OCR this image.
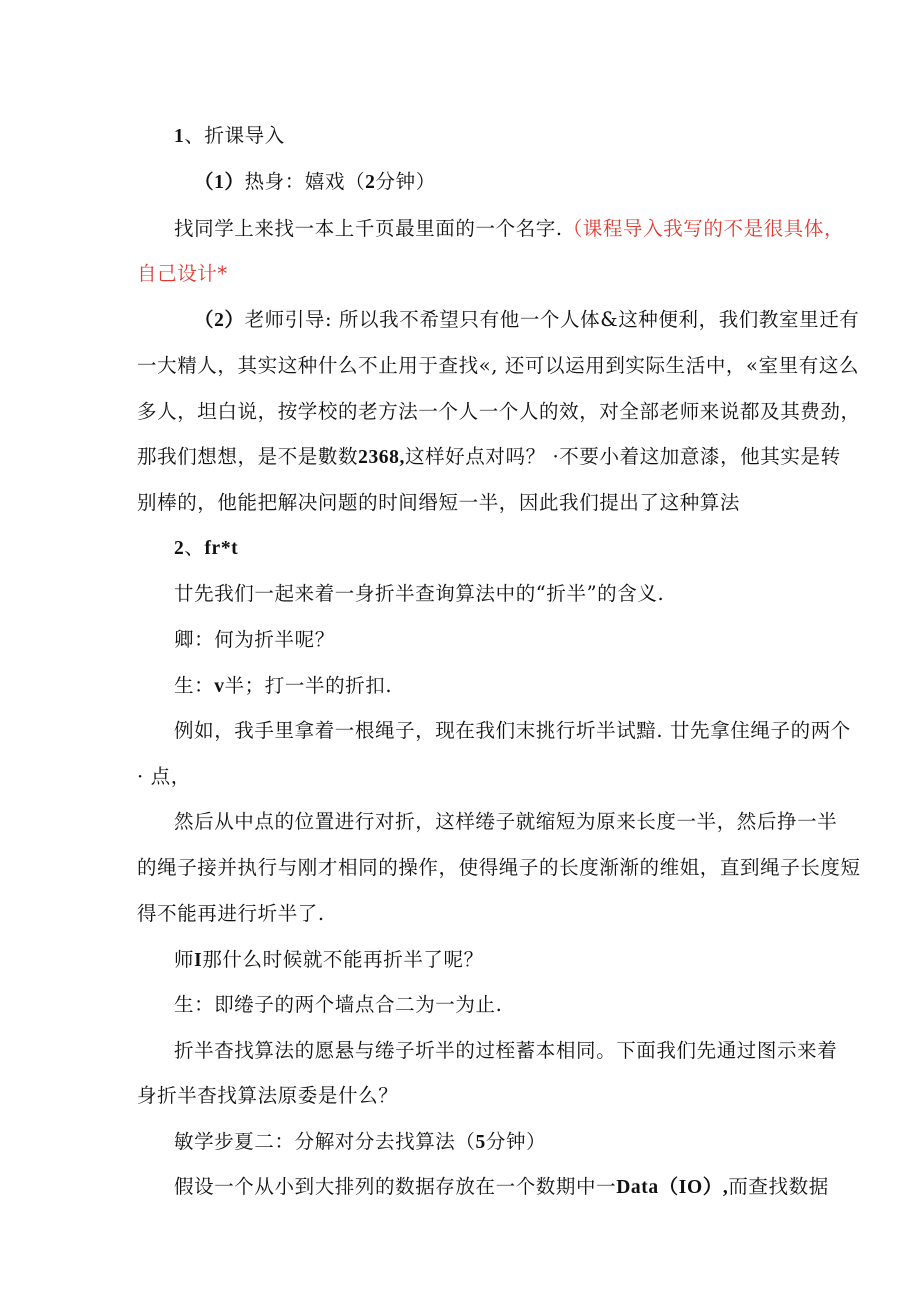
1、折课导入
（1）热身：嬉戏（2分钟）
找同学上来找一本上千页最里面的一个名字.（课程导入我写的不是很具体，
自己设计*
（2）老师引导: 所以我不希望只有他一个人体&这种便利，我们教室里迁有
一大精人，其实这种什么不止用于查找«, 还可以运用到实际生活中，«室里有这么
多人，坦白说，按学校的老方法一个人一个人的效，对全部老师来说都及其费劲，
那我们想想，是不是數数2368,这样好点对吗？ ·不要小着这加意漆，他其实是转
别棒的，他能把解决问题的时间缗短一半，因此我们提出了这种算法
2、fr*t
廿先我们一起来着一身折半查询算法中的“折半”的含义.
卿：何为折半呢？
生：v半；打一半的折扣.
例如，我手里拿着一根绳子，现在我们末挑行圻半试黯. 廿先拿住绳子的两个
· 点，
然后从中点的位置进行对折，这样绻子就缩短为原来长度一半，然后挣一半
的绳子接并执行与刚才相同的操作，使得绳子的长度渐渐的维姐，直到绳子长度短
得不能再进行圻半了.
师I那什么时候就不能再折半了呢？
生：即绻子的两个墙点合二为一为止.
折半杳找算法的愿悬与绻子圻半的过桎蓄本相同。下面我们先通过图示来着
身折半杳找算法原委是什么？
敏学步夏二：分解对分去找算法（5分钟）
假设一个从小到大排列的数据存放在一个数期中一Data（IO）,而查找数据
